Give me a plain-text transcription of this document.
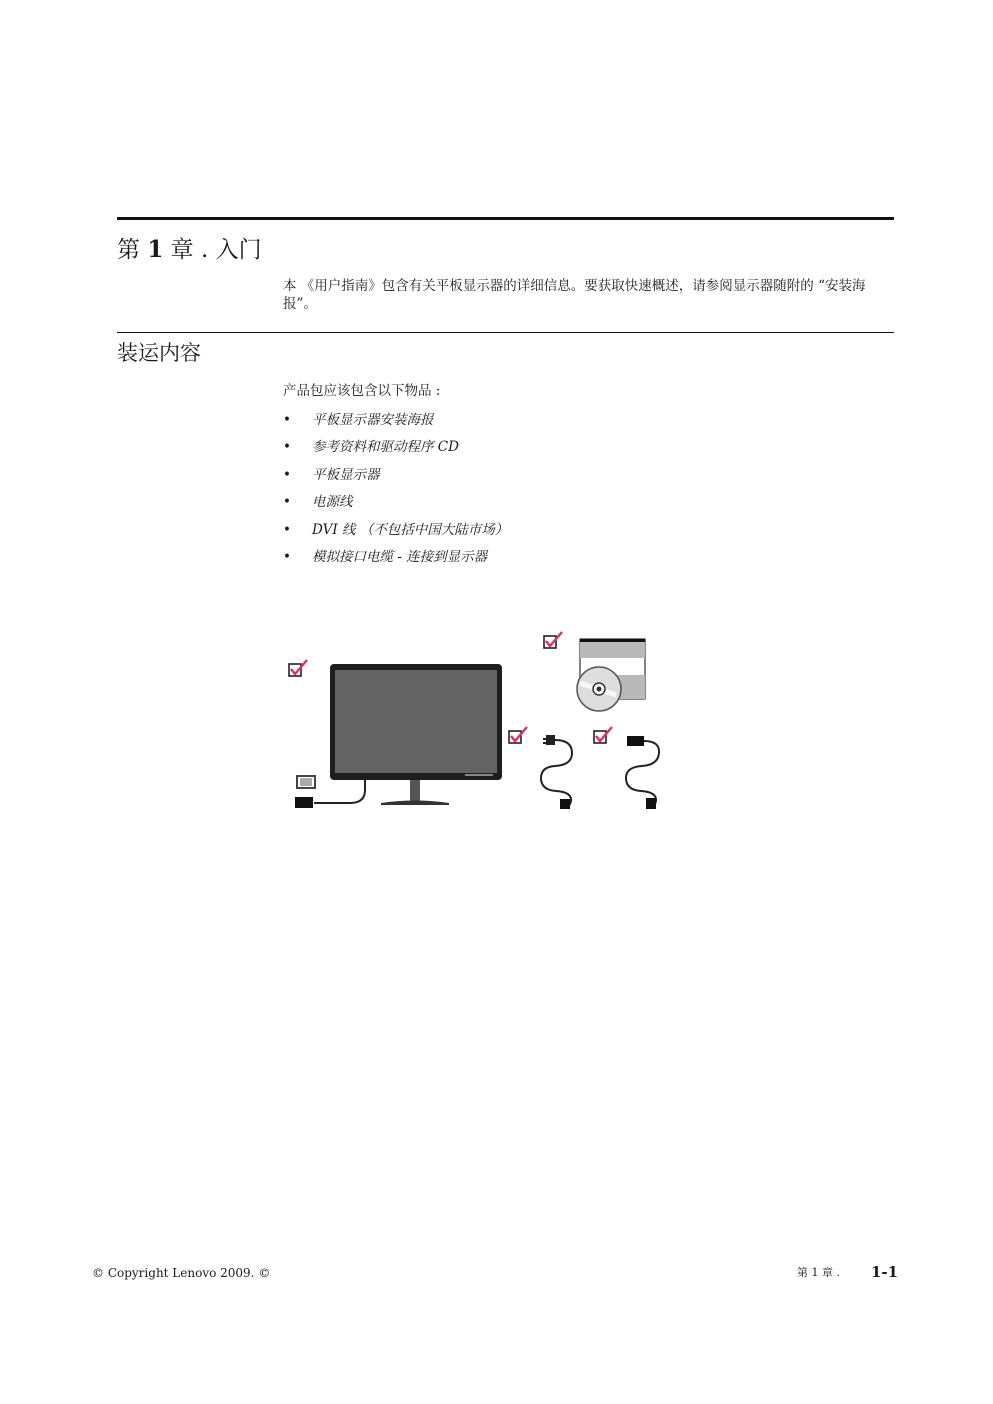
第 1 章 . 入门

本 《用户指南》包含有关平板显示器的详细信息。要获取快速概述，请参阅显示器随附的 “安装海报”。

装运内容

产品包应该包含以下物品 :

• 平板显示器安装海报
• 参考资料和驱动程序 CD
• 平板显示器
• 电源线
• DVI 线 （不包括中国大陆市场）
• 模拟接口电缆 - 连接到显示器
© Copyright Lenovo 2009. ©	第 1 章 . 1-1
